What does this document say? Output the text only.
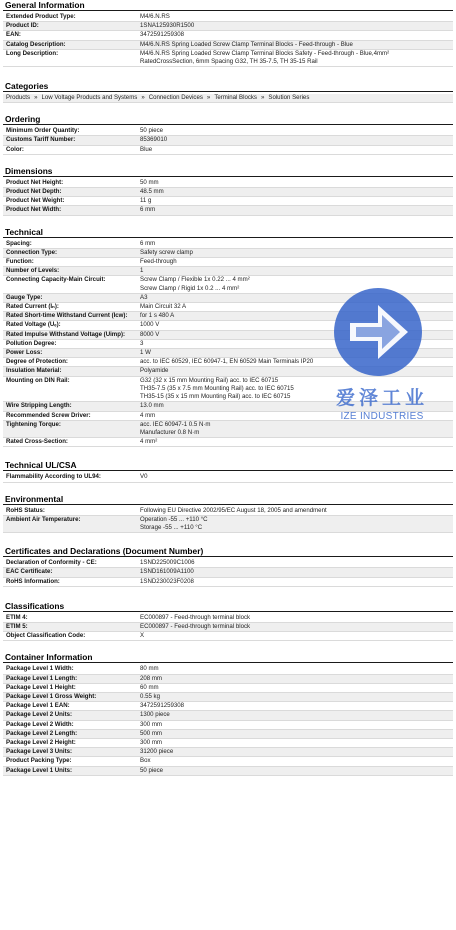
General Information
Extended Product Type:	M4/6.N.RS
Product ID:	1SNA125930R1500
EAN:	3472591259308
Catalog Description:	M4/6.N.RS Spring Loaded Screw Clamp Terminal Blocks - Feed-through - Blue
Long Description:	M4/6.N.RS Spring Loaded Screw Clamp Terminal Blocks Safety - Feed-through - Blue,4mm²
RatedCrossSection, 6mm Spacing G32, TH 35-7.5, TH 35-15 Rail
Categories
Products » Low Voltage Products and Systems » Connection Devices » Terminal Blocks » Solution Series
Ordering
Minimum Order Quantity:	50 piece
Customs Tariff Number:	85369010
Color:	Blue
Dimensions
Product Net Height:	50 mm
Product Net Depth:	48.5 mm
Product Net Weight:	11 g
Product Net Width:	6 mm
Technical
Spacing:	6 mm
Connection Type:	Safety screw clamp
Function:	Feed-through
Number of Levels:	1
Connecting Capacity-Main Circuit:	Screw Clamp / Flexible 1x 0.22 ... 4 mm²
Screw Clamp / Rigid 1x 0.2 ... 4 mm²
Gauge Type:	A3
Rated Current (Iₙ):	Main Circuit 32 A
Rated Short-time Withstand Current (Icw):	for 1 s 480 A
Rated Voltage (Uₑ):	1000 V
Rated Impulse Withstand Voltage (Uimp):	8000 V
Pollution Degree:	3
Power Loss:	1 W
Degree of Protection:	acc. to IEC 60529, IEC 60947-1, EN 60529 Main Terminals IP20
Insulation Material:	Polyamide
Mounting on DIN Rail:	G32 (32 x 15 mm Mounting Rail) acc. to IEC 60715
TH35-7.5 (35 x 7.5 mm Mounting Rail) acc. to IEC 60715
TH35-15 (35 x 15 mm Mounting Rail) acc. to IEC 60715
Wire Stripping Length:	13.0 mm
Recommended Screw Driver:	4 mm
Tightening Torque:	acc. IEC 60947-1 0.5 N·m
Manufacturer 0.8 N·m
Rated Cross-Section:	4 mm²
Technical UL/CSA
Flammability According to UL94:	V0
Environmental
RoHS Status:	Following EU Directive 2002/95/EC August 18, 2005 and amendment
Ambient Air Temperature:	Operation -55 ... +110 °C
Storage -55 ... +110 °C
Certificates and Declarations (Document Number)
Declaration of Conformity - CE:	1SND225009C1006
EAC Certificate:	1SND161009A1100
RoHS Information:	1SND230023F0208
Classifications
ETIM 4:	EC000897 - Feed-through terminal block
ETIM 5:	EC000897 - Feed-through terminal block
Object Classification Code:	X
Container Information
Package Level 1 Width:	80 mm
Package Level 1 Length:	208 mm
Package Level 1 Height:	60 mm
Package Level 1 Gross Weight:	0.55 kg
Package Level 1 EAN:	3472591259308
Package Level 2 Units:	1300 piece
Package Level 2 Width:	300 mm
Package Level 2 Length:	500 mm
Package Level 2 Height:	300 mm
Package Level 3 Units:	31200 piece
Product Packing Type:	Box
Package Level 1 Units:	50 piece
爱泽工业
IZE INDUSTRIES
